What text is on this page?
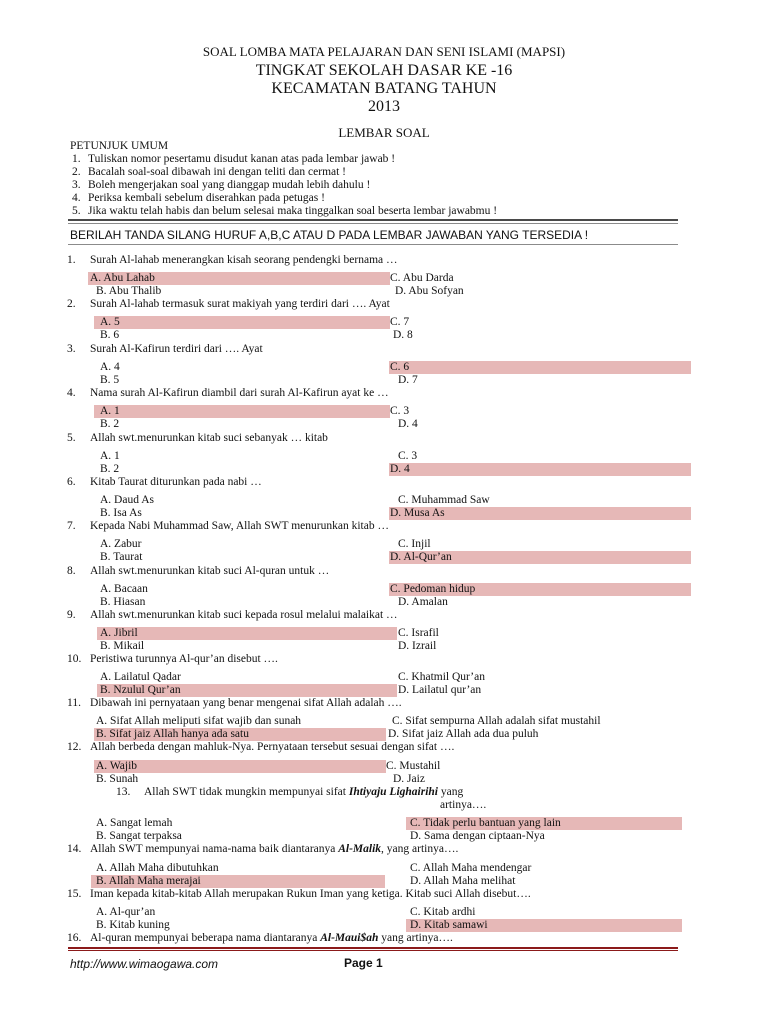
SOAL LOMBA MATA PELAJARAN DAN SENI ISLAMI (MAPSI)
TINGKAT SEKOLAH DASAR KE -16
KECAMATAN BATANG TAHUN
2013
LEMBAR SOAL
PETUNJUK UMUM
1. Tuliskan nomor pesertamu disudut kanan atas pada lembar jawab !
2. Bacalah soal-soal dibawah ini dengan teliti dan cermat !
3. Boleh mengerjakan soal yang dianggap mudah lebih dahulu !
4. Periksa kembali sebelum diserahkan pada petugas !
5. Jika waktu telah habis dan belum selesai maka tinggalkan soal beserta lembar jawabmu !
BERILAH TANDA SILANG HURUF A,B,C ATAU D PADA LEMBAR JAWABAN YANG TERSEDIA !
1. Surah Al-lahab menerangkan kisah seorang pendengki bernama …
A. Abu Lahab	C. Abu Darda
B. Abu Thalib	D. Abu Sofyan
2. Surah Al-lahab termasuk surat makiyah yang terdiri dari …. Ayat
A. 5	C. 7
B. 6	D. 8
3. Surah Al-Kafirun terdiri dari …. Ayat
A. 4	C. 6
B. 5	D. 7
4. Nama surah Al-Kafirun diambil dari surah Al-Kafirun ayat ke …
A. 1	C. 3
B. 2	D. 4
5. Allah swt.menurunkan kitab suci sebanyak … kitab
A. 1	C. 3
B. 2	D. 4
6. Kitab Taurat diturunkan pada nabi …
A. Daud As	C. Muhammad Saw
B. Isa As	D. Musa As
7. Kepada Nabi Muhammad Saw, Allah SWT menurunkan kitab …
A. Zabur	C. Injil
B. Taurat	D. Al-Qur’an
8. Allah swt.menurunkan kitab suci Al-quran untuk …
A. Bacaan	C. Pedoman hidup
B. Hiasan	D. Amalan
9. Allah swt.menurunkan kitab suci kepada rosul melalui malaikat …
A. Jibril	C. Israfil
B. Mikail	D. Izrail
10. Peristiwa turunnya Al-qur’an disebut ….
A. Lailatul Qadar	C. Khatmil Qur’an
B. Nzulul Qur’an	D. Lailatul qur’an
11. Dibawah ini pernyataan yang benar mengenai sifat Allah adalah ….
A. Sifat Allah meliputi sifat wajib dan sunah	C. Sifat sempurna Allah adalah sifat mustahil
B. Sifat jaiz Allah hanya ada satu	D. Sifat jaiz Allah ada dua puluh
12. Allah berbeda dengan mahluk-Nya. Pernyataan tersebut sesuai dengan sifat ….
A. Wajib	C. Mustahil
B. Sunah	D. Jaiz
13. Allah SWT tidak mungkin mempunyai sifat Ihtiyaju Lighairihi yang
artinya….
A. Sangat lemah	C. Tidak perlu bantuan yang lain
B. Sangat terpaksa	D. Sama dengan ciptaan-Nya
14. Allah SWT mempunyai nama-nama baik diantaranya Al-Malik, yang artinya….
A. Allah Maha dibutuhkan	C. Allah Maha mendengar
B. Allah Maha merajai	D. Allah Maha melihat
15. Iman kepada kitab-kitab Allah merupakan Rukun Iman yang ketiga. Kitab suci Allah disebut….
A. Al-qur’an	C. Kitab ardhi
B. Kitab kuning	D. Kitab samawi
16. Al-quran mempunyai beberapa nama diantaranya Al-Maui$ah yang artinya….
http://www.wimaogawa.com	Page 1
